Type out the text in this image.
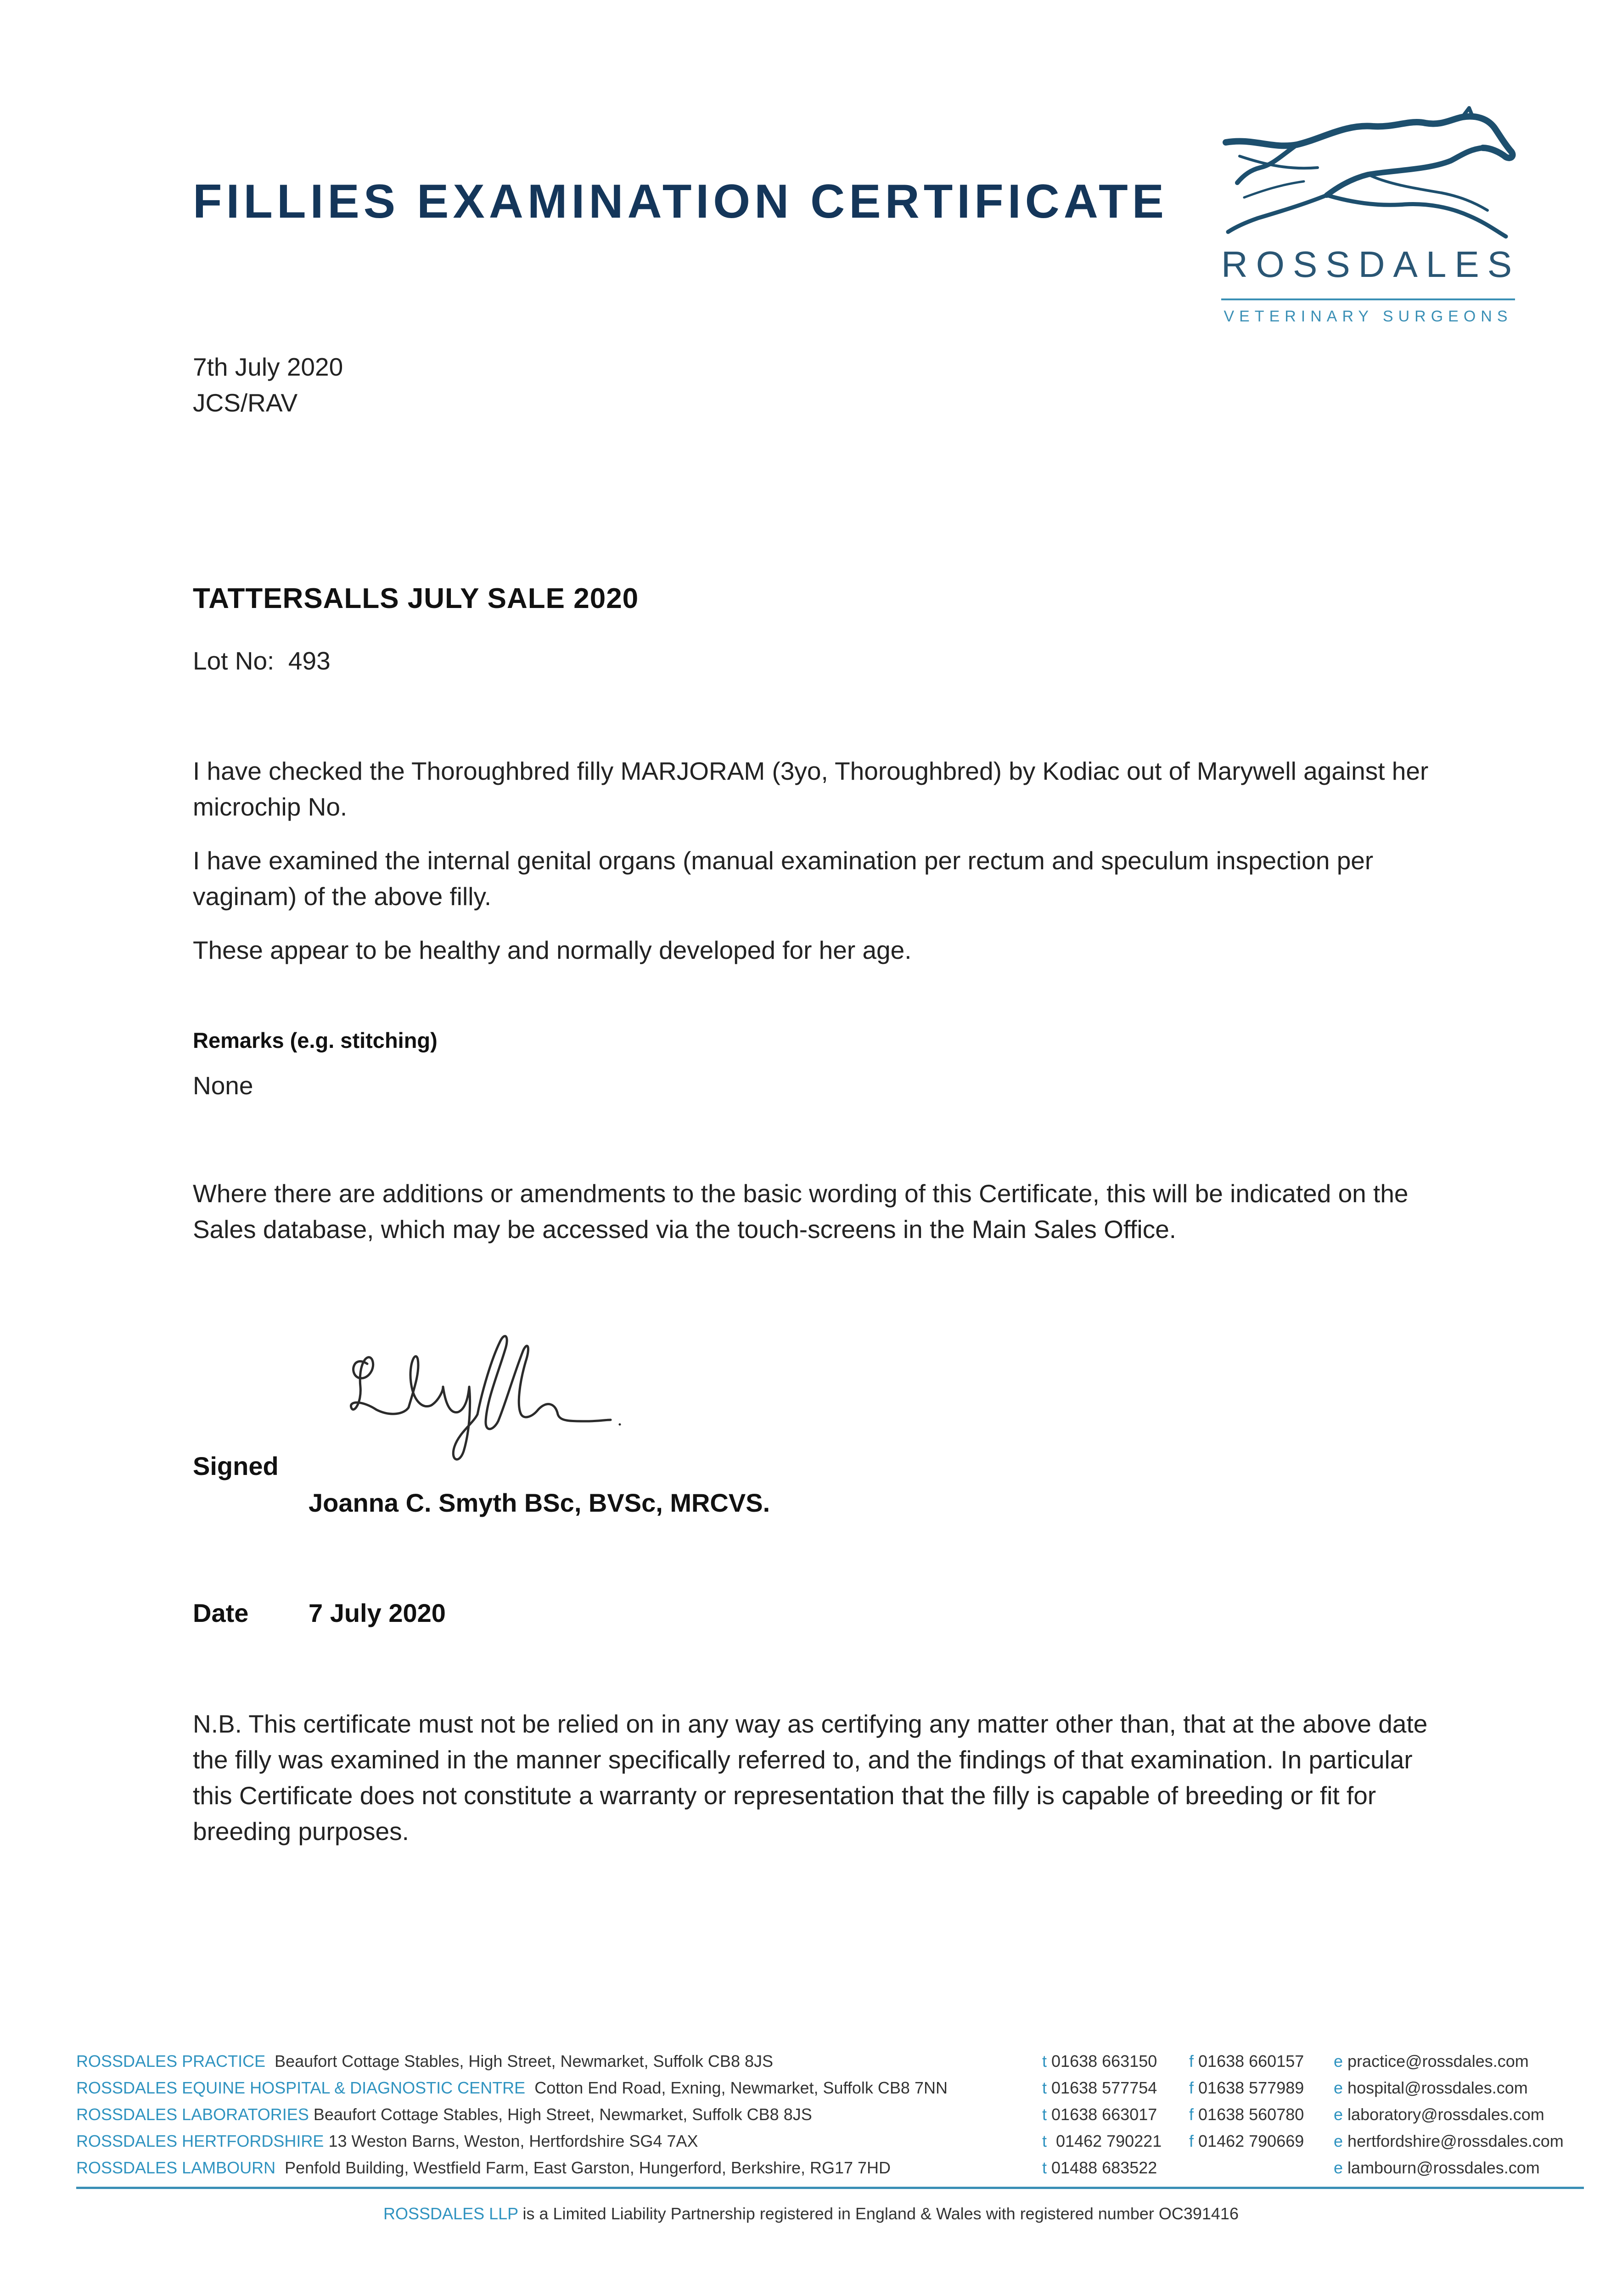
FILLIES EXAMINATION CERTIFICATE
ROSSDALES
VETERINARY SURGEONS
7th July 2020
JCS/RAV
TATTERSALLS JULY SALE 2020
Lot No: 493
I have checked the Thoroughbred filly MARJORAM (3yo, Thoroughbred) by Kodiac out of Marywell against her microchip No.
I have examined the internal genital organs (manual examination per rectum and speculum inspection per vaginam) of the above filly.
These appear to be healthy and normally developed for her age.
Remarks (e.g. stitching)
None
Where there are additions or amendments to the basic wording of this Certificate, this will be indicated on the Sales database, which may be accessed via the touch-screens in the Main Sales Office.
Signed
Joanna C. Smyth BSc, BVSc, MRCVS.
Date 7 July 2020
N.B. This certificate must not be relied on in any way as certifying any matter other than, that at the above date the filly was examined in the manner specifically referred to, and the findings of that examination. In particular this Certificate does not constitute a warranty or representation that the filly is capable of breeding or fit for breeding purposes.
ROSSDALES PRACTICE Beaufort Cottage Stables, High Street, Newmarket, Suffolk CB8 8JS	t 01638 663150 f 01638 660157 e practice@rossdales.com
ROSSDALES EQUINE HOSPITAL & DIAGNOSTIC CENTRE Cotton End Road, Exning, Newmarket, Suffolk CB8 7NN	t 01638 577754 f 01638 577989 e hospital@rossdales.com
ROSSDALES LABORATORIES Beaufort Cottage Stables, High Street, Newmarket, Suffolk CB8 8JS	t 01638 663017 f 01638 560780 e laboratory@rossdales.com
ROSSDALES HERTFORDSHIRE 13 Weston Barns, Weston, Hertfordshire SG4 7AX	t 01462 790221 f 01462 790669 e hertfordshire@rossdales.com
ROSSDALES LAMBOURN Penfold Building, Westfield Farm, East Garston, Hungerford, Berkshire, RG17 7HD	t 01488 683522	e lambourn@rossdales.com
ROSSDALES LLP is a Limited Liability Partnership registered in England & Wales with registered number OC391416
